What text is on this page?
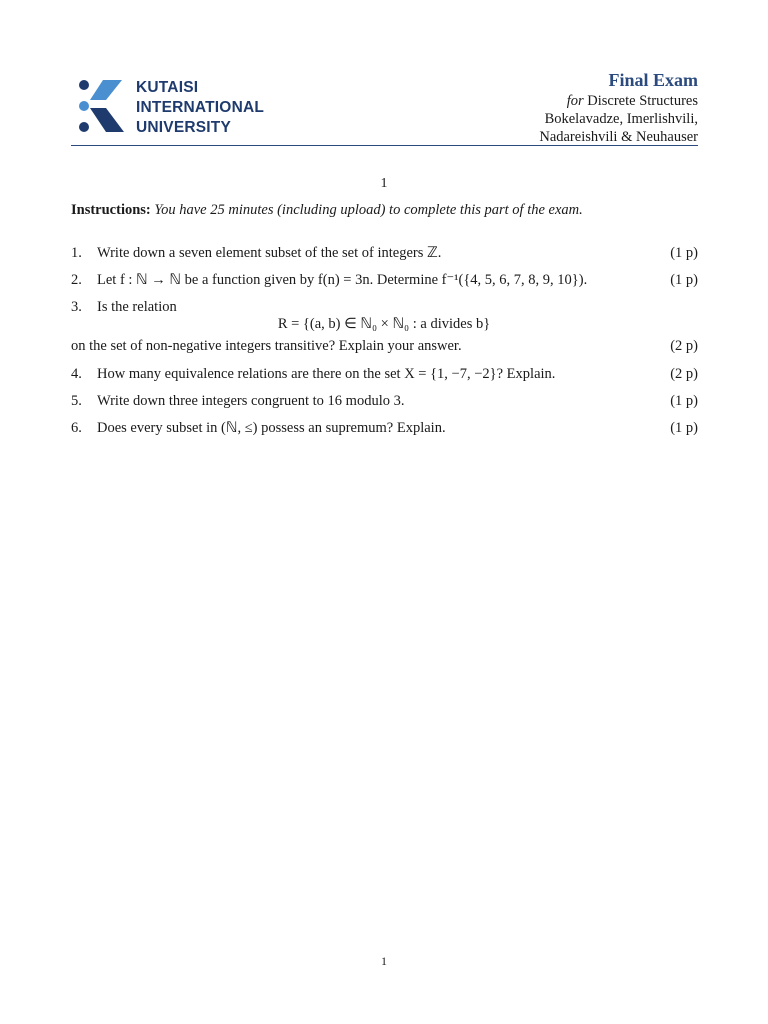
KUTAISI
INTERNATIONAL
UNIVERSITY
Final Exam
for Discrete Structures
Bokelavadze, Imerlishvili,
Nadareishvili & Neuhauser
1
Instructions: You have 25 minutes (including upload) to complete this part of the exam.
1. Write down a seven element subset of the set of integers ℤ.	(1 p)
2. Let f : ℕ → ℕ be a function given by f(n) = 3n. Determine f⁻¹({4, 5, 6, 7, 8, 9, 10}).	(1 p)
3. Is the relation
R = {(a, b) ∈ ℕ₀ × ℕ₀ : a divides b}
on the set of non-negative integers transitive? Explain your answer.	(2 p)
4. How many equivalence relations are there on the set X = {1, −7, −2}? Explain.	(2 p)
5. Write down three integers congruent to 16 modulo 3.	(1 p)
6. Does every subset in (ℕ, ≤) possess an supremum? Explain.	(1 p)
1
